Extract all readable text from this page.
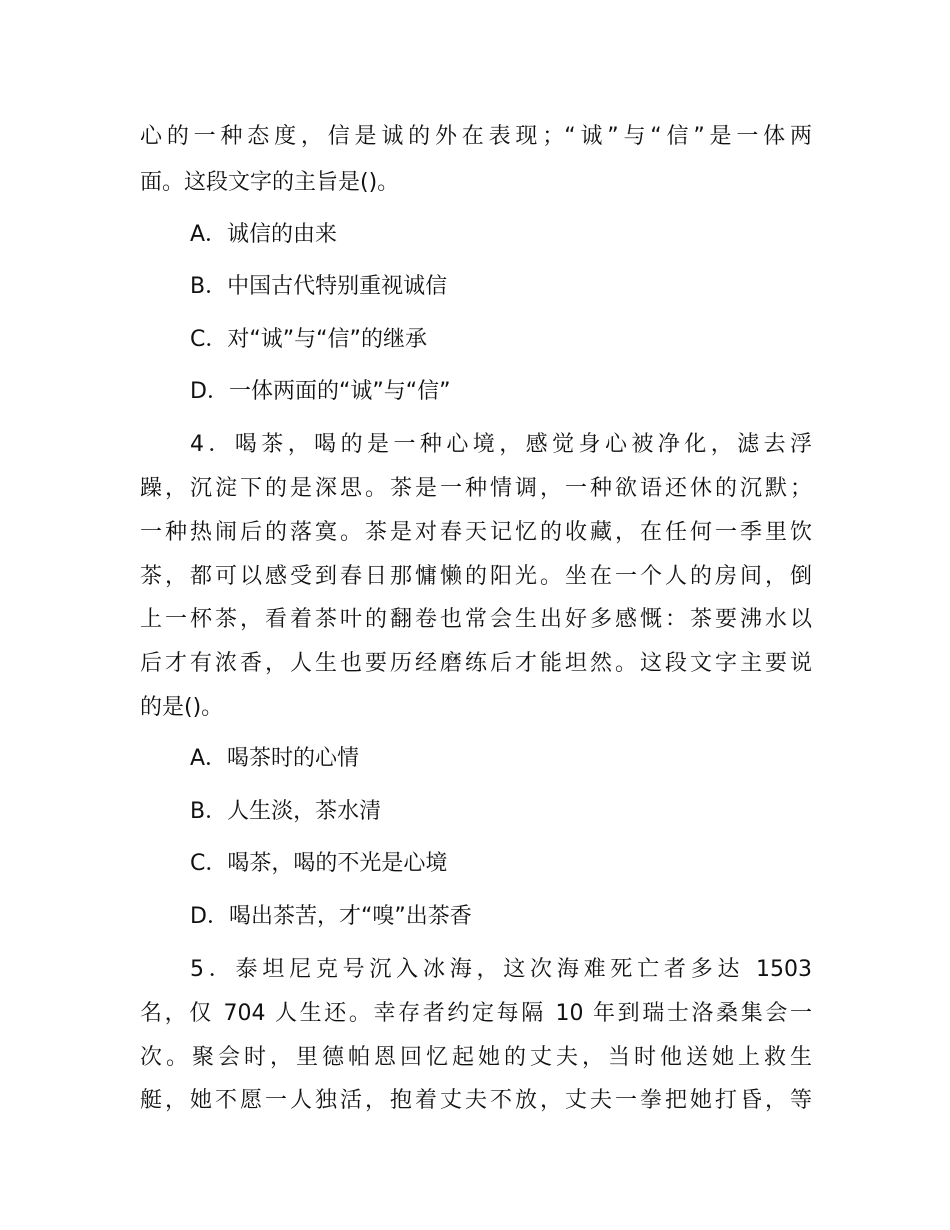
心的一种态度，信是诚的外在表现；“诚”与“信”是一体两
面。这段文字的主旨是()。
A．诚信的由来
B．中国古代特别重视诚信
C．对“诚”与“信”的继承
D．一体两面的“诚”与“信”
4．喝茶，喝的是一种心境，感觉身心被净化，滤去浮
躁，沉淀下的是深思。茶是一种情调，一种欲语还休的沉默；
一种热闹后的落寞。茶是对春天记忆的收藏，在任何一季里饮
茶，都可以感受到春日那慵懒的阳光。坐在一个人的房间，倒
上一杯茶，看着茶叶的翻卷也常会生出好多感慨：茶要沸水以
后才有浓香，人生也要历经磨练后才能坦然。这段文字主要说
的是()。
A．喝茶时的心情
B．人生淡，茶水清
C．喝茶，喝的不光是心境
D．喝出茶苦，才“嗅”出茶香
5．泰坦尼克号沉入冰海，这次海难死亡者多达 1503
名，仅 704 人生还。幸存者约定每隔 10 年到瑞士洛桑集会一
次。聚会时，里德帕恩回忆起她的丈夫，当时他送她上救生
艇，她不愿一人独活，抱着丈夫不放，丈夫一拳把她打昏，等
